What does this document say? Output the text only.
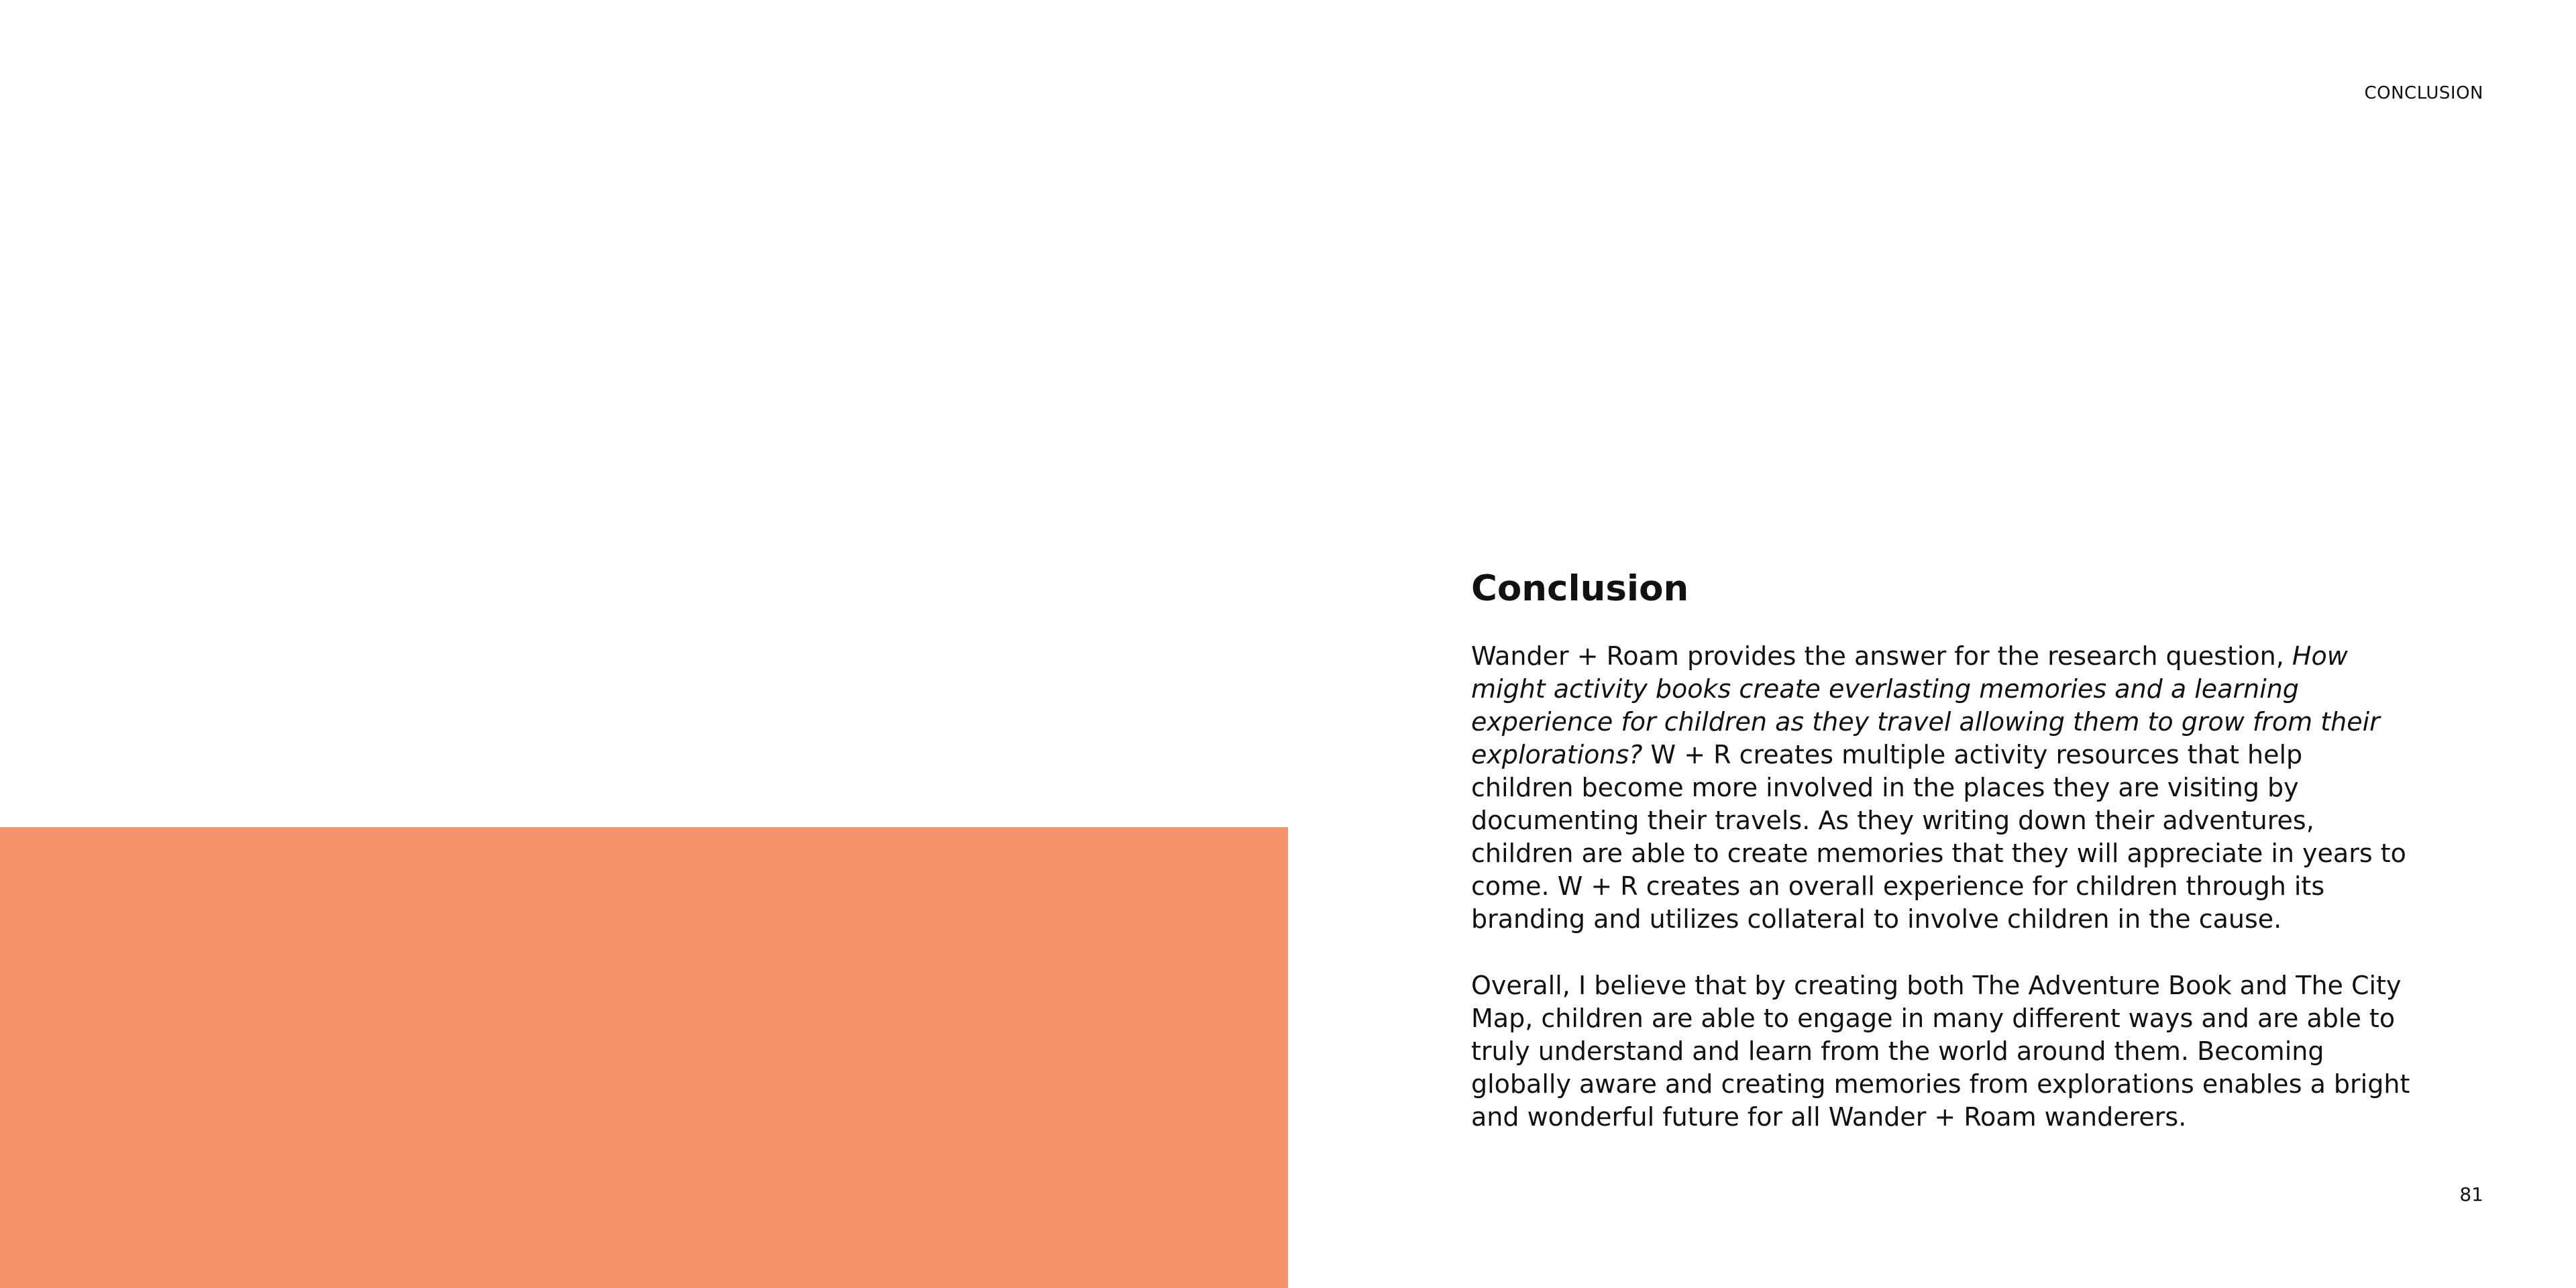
CONCLUSION
Conclusion

Wander + Roam provides the answer for the research question, How might activity books create everlasting memories and a learning experience for children as they travel allowing them to grow from their explorations? W + R creates multiple activity resources that help children become more involved in the places they are visiting by documenting their travels. As they writing down their adventures, children are able to create memories that they will appreciate in years to come. W + R creates an overall experience for children through its branding and utilizes collateral to involve children in the cause.

Overall, I believe that by creating both The Adventure Book and The City Map, children are able to engage in many different ways and are able to truly understand and learn from the world around them. Becoming globally aware and creating memories from explorations enables a bright and wonderful future for all Wander + Roam wanderers.

81
